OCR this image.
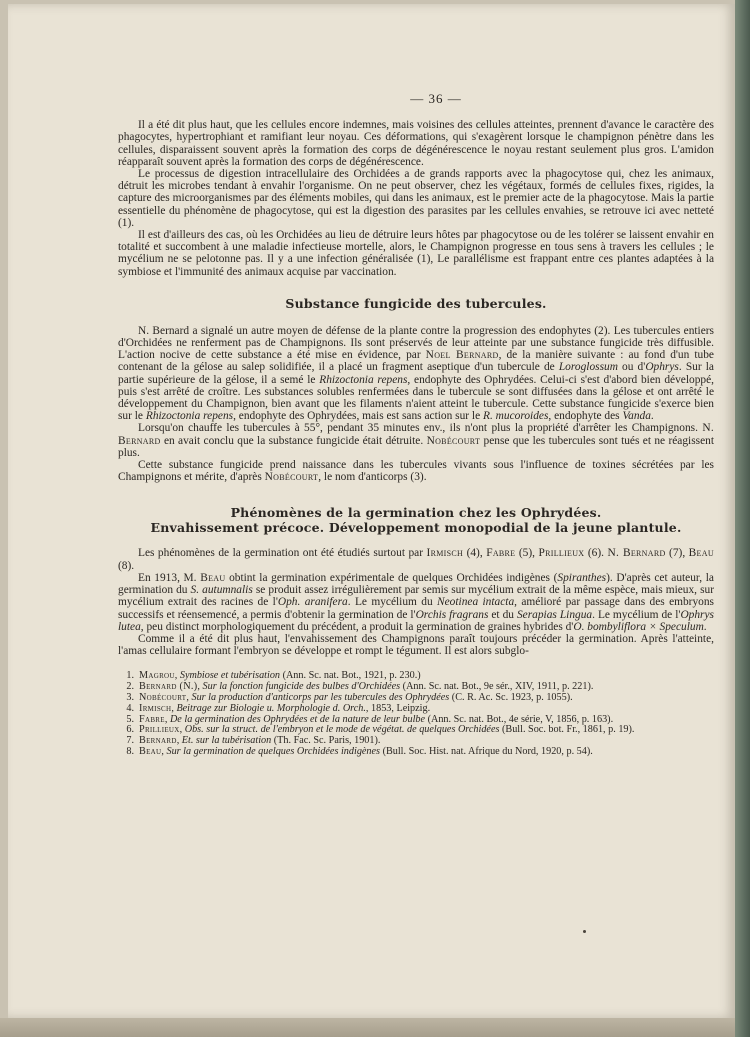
— 36 —

Il a été dit plus haut, que les cellules encore indemnes, mais voisines des cellules atteintes, prennent d'avance le caractère des phagocytes, hypertrophiant et ramifiant leur noyau. Ces déformations, qui s'exagèrent lorsque le champignon pénètre dans les cellules, disparaissent souvent après la formation des corps de dégénérescence le noyau restant seulement plus gros. L'amidon réapparaît souvent après la formation des corps de dégénérescence.

Le processus de digestion intracellulaire des Orchidées a de grands rapports avec la phagocytose qui, chez les animaux, détruit les microbes tendant à envahir l'organisme. On ne peut observer, chez les végétaux, formés de cellules fixes, rigides, la capture des microorganismes par des éléments mobiles, qui dans les animaux, est le premier acte de la phagocytose. Mais la partie essentielle du phénomène de phagocytose, qui est la digestion des parasites par les cellules envahies, se retrouve ici avec netteté (1).

Il est d'ailleurs des cas, où les Orchidées au lieu de détruire leurs hôtes par phagocytose ou de les tolérer se laissent envahir en totalité et succombent à une maladie infectieuse mortelle, alors, le Champignon progresse en tous sens à travers les cellules ; le mycélium ne se pelotonne pas. Il y a une infection généralisée (1), Le parallélisme est frappant entre ces plantes adaptées à la symbiose et l'immunité des animaux acquise par vaccination.

Substance fungicide des tubercules.

N. Bernard a signalé un autre moyen de défense de la plante contre la progression des endophytes (2). Les tubercules entiers d'Orchidées ne renferment pas de Champignons. Ils sont préservés de leur atteinte par une substance fungicide très diffusible. L'action nocive de cette substance a été mise en évidence, par Noel Bernard, de la manière suivante : au fond d'un tube contenant de la gélose au salep solidifiée, il a placé un fragment aseptique d'un tubercule de Loroglossum ou d'Ophrys. Sur la partie supérieure de la gélose, il a semé le Rhizoctonia repens, endophyte des Ophrydées. Celui-ci s'est d'abord bien développé, puis s'est arrêté de croître. Les substances solubles renfermées dans le tubercule se sont diffusées dans la gélose et ont arrêté le développement du Champignon, bien avant que les filaments n'aient atteint le tubercule. Cette substance fungicide s'exerce bien sur le Rhizoctonia repens, endophyte des Ophrydées, mais est sans action sur le R. mucoroides, endophyte des Vanda.

Lorsqu'on chauffe les tubercules à 55°, pendant 35 minutes env., ils n'ont plus la propriété d'arrêter les Champignons. N. Bernard en avait conclu que la substance fungicide était détruite. Nobécourt pense que les tubercules sont tués et ne réagissent plus.

Cette substance fungicide prend naissance dans les tubercules vivants sous l'influence de toxines sécrétées par les Champignons et mérite, d'après Nobécourt, le nom d'anticorps (3).

Phénomènes de la germination chez les Ophrydées.
Envahissement précoce. Développement monopodial de la jeune plantule.

Les phénomènes de la germination ont été étudiés surtout par Irmisch (4), Fabre (5), Prillieux (6). N. Bernard (7), Beau (8).

En 1913, M. Beau obtint la germination expérimentale de quelques Orchidées indigènes (Spiranthes). D'après cet auteur, la germination du S. autumnalis se produit assez irrégulièrement par semis sur mycélium extrait de la même espèce, mais mieux, sur mycélium extrait des racines de l'Oph. aranifera. Le mycélium du Neotinea intacta, amélioré par passage dans des embryons successifs et réensemencé, a permis d'obtenir la germination de l'Orchis fragrans et du Serapias Lingua. Le mycélium de l'Ophrys lutea, peu distinct morphologiquement du précédent, a produit la germination de graines hybrides d'O. bombyliflora × Speculum.

Comme il a été dit plus haut, l'envahissement des Champignons paraît toujours précéder la germination. Après l'atteinte, l'amas cellulaire formant l'embryon se développe et rompt le tégument. Il est alors subglo-

1. Magrou, Symbiose et tubérisation (Ann. Sc. nat. Bot., 1921, p. 230.)
2. Bernard (N.), Sur la fonction fungicide des bulbes d'Orchidées (Ann. Sc. nat. Bot., 9e sér., XIV, 1911, p. 221).
3. Nobécourt, Sur la production d'anticorps par les tubercules des Ophrydées (C. R. Ac. Sc. 1923, p. 1055).
4. Irmisch, Beitrage zur Biologie u. Morphologie d. Orch., 1853, Leipzig.
5. Fabre, De la germination des Ophrydées et de la nature de leur bulbe (Ann. Sc. nat. Bot., 4e série, V, 1856, p. 163).
6. Prillieux, Obs. sur la struct. de l'embryon et le mode de végétat. de quelques Orchidées (Bull. Soc. bot. Fr., 1861, p. 19).
7. Bernard, Et. sur la tubérisation (Th. Fac. Sc. Paris, 1901).
8. Beau, Sur la germination de quelques Orchidées indigènes (Bull. Soc. Hist. nat. Afrique du Nord, 1920, p. 54).
